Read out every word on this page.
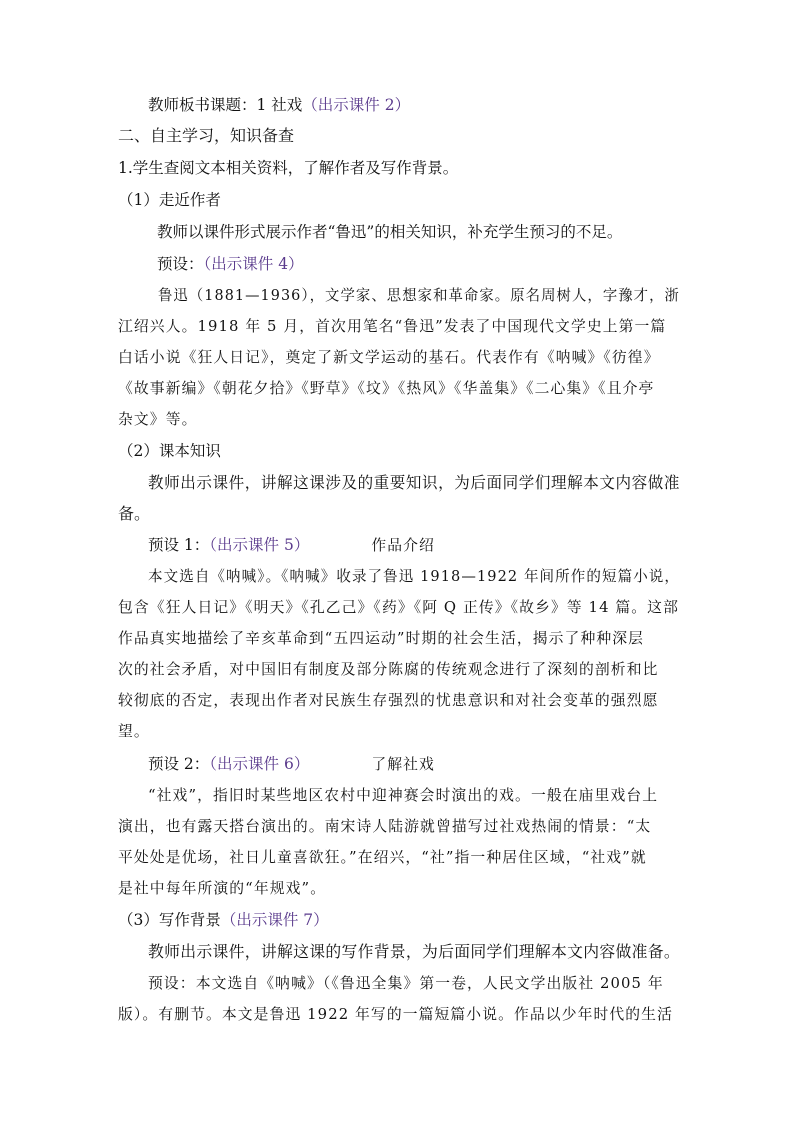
教师板书课题：1 社戏（出示课件 2）
二、自主学习，知识备查
1.学生查阅文本相关资料，了解作者及写作背景。
（1）走近作者
教师以课件形式展示作者“鲁迅”的相关知识，补充学生预习的不足。
预设：（出示课件 4）
鲁迅（1881—1936），文学家、思想家和革命家。原名周树人，字豫才，浙
江绍兴人。1918 年 5 月，首次用笔名“鲁迅”发表了中国现代文学史上第一篇
白话小说《狂人日记》，奠定了新文学运动的基石。代表作有《呐喊》《彷徨》
《故事新编》《朝花夕拾》《野草》《坟》《热风》《华盖集》《二心集》《且介亭
杂文》等。
（2）课本知识
教师出示课件，讲解这课涉及的重要知识，为后面同学们理解本文内容做准
备。
预设 1：（出示课件 5）	作品介绍
本文选自《呐喊》。《呐喊》收录了鲁迅 1918—1922 年间所作的短篇小说，
包含《狂人日记》《明天》《孔乙己》《药》《阿 Q 正传》《故乡》等 14 篇。这部
作品真实地描绘了辛亥革命到“五四运动”时期的社会生活，揭示了种种深层
次的社会矛盾，对中国旧有制度及部分陈腐的传统观念进行了深刻的剖析和比
较彻底的否定，表现出作者对民族生存强烈的忧患意识和对社会变革的强烈愿
望。
预设 2：（出示课件 6）	了解社戏
“社戏”，指旧时某些地区农村中迎神赛会时演出的戏。一般在庙里戏台上
演出，也有露天搭台演出的。南宋诗人陆游就曾描写过社戏热闹的情景：“太
平处处是优场，社日儿童喜欲狂。”在绍兴，“社”指一种居住区域，“社戏”就
是社中每年所演的“年规戏”。
（3）写作背景（出示课件 7）
教师出示课件，讲解这课的写作背景，为后面同学们理解本文内容做准备。
预设：本文选自《呐喊》（《鲁迅全集》第一卷，人民文学出版社 2005 年
版）。有删节。本文是鲁迅 1922 年写的一篇短篇小说。作品以少年时代的生活
